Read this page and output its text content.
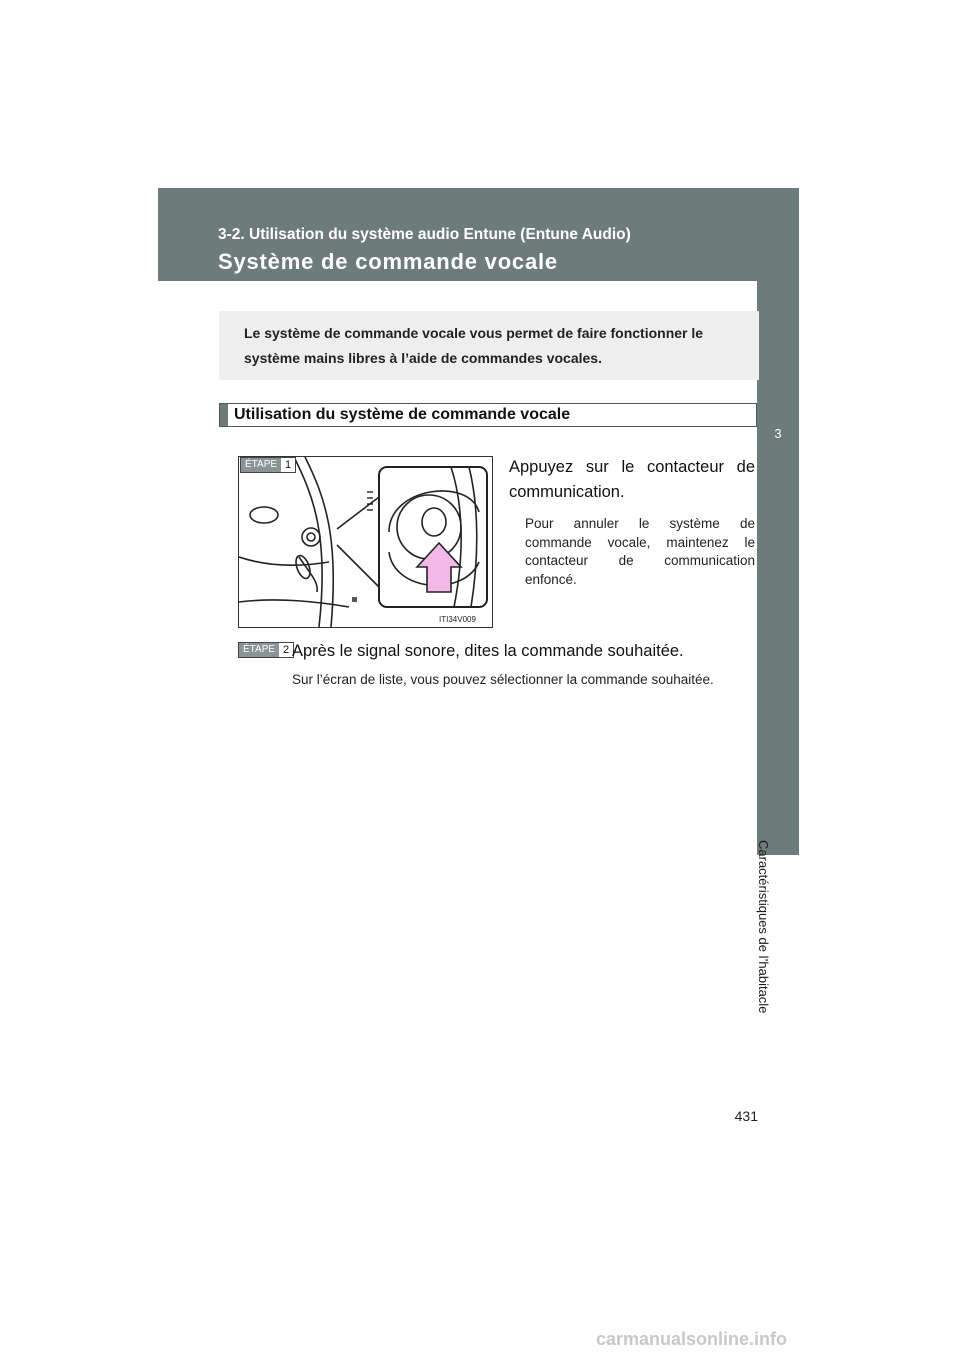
3-2. Utilisation du système audio Entune (Entune Audio)
Système de commande vocale
3
Caractéristiques de l’habitacle
Le système de commande vocale vous permet de faire fonctionner le système mains libres à l’aide de commandes vocales.
Utilisation du système de commande vocale
ITI34V009
ÉTAPE 1	Appuyez sur le contacteur de communication.
Pour annuler le système de commande vocale, maintenez le contacteur de communication enfoncé.
ÉTAPE 2 Après le signal sonore, dites la commande souhaitée.
Sur l’écran de liste, vous pouvez sélectionner la commande souhaitée.
431
carmanualsonline.info
